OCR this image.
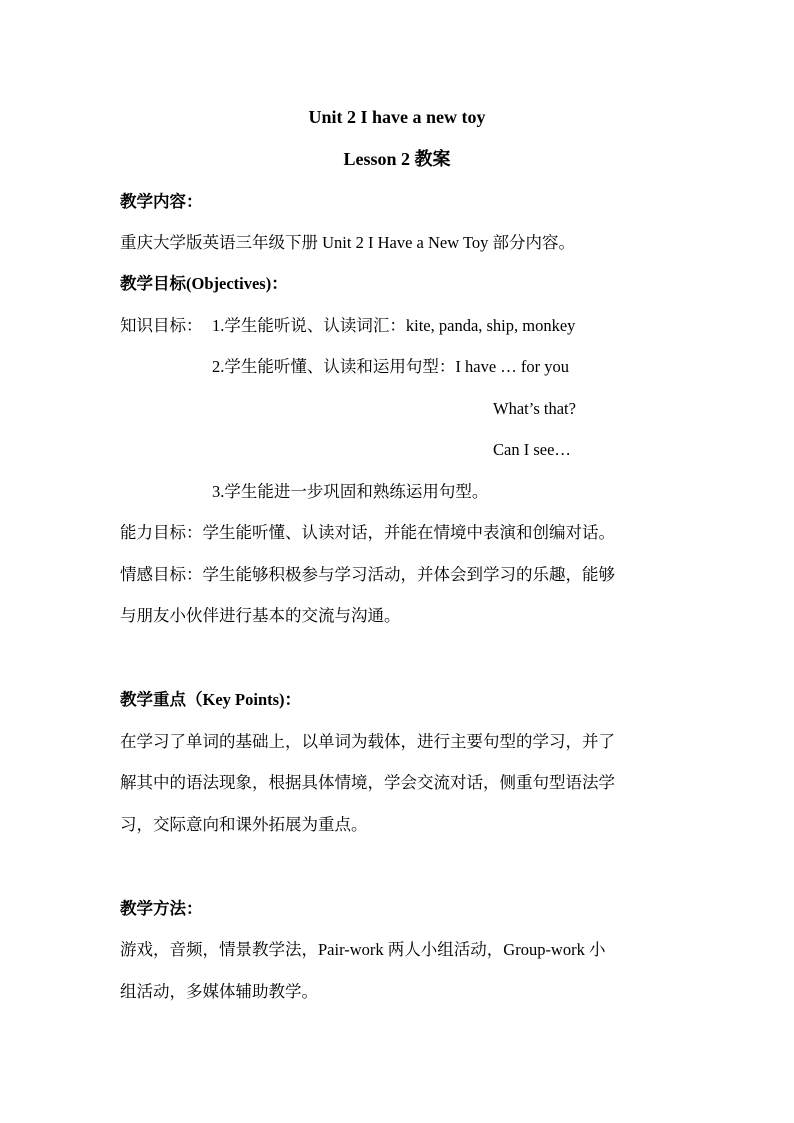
Unit 2 I have a new toy
Lesson 2 教案
教学内容：
重庆大学版英语三年级下册 Unit 2 I Have a New Toy 部分内容。
教学目标(Objectives)：
知识目标： 1.学生能听说、认读词汇：kite, panda, ship, monkey
2.学生能听懂、认读和运用句型：I have … for you
What’s that?
Can I see…
3.学生能进一步巩固和熟练运用句型。
能力目标：学生能听懂、认读对话，并能在情境中表演和创编对话。
情感目标：学生能够积极参与学习活动，并体会到学习的乐趣，能够
与朋友小伙伴进行基本的交流与沟通。
教学重点（Key Points)：
在学习了单词的基础上，以单词为载体，进行主要句型的学习，并了
解其中的语法现象，根据具体情境，学会交流对话，侧重句型语法学
习，交际意向和课外拓展为重点。
教学方法：
游戏，音频，情景教学法，Pair-work 两人小组活动，Group-work 小
组活动，多媒体辅助教学。
